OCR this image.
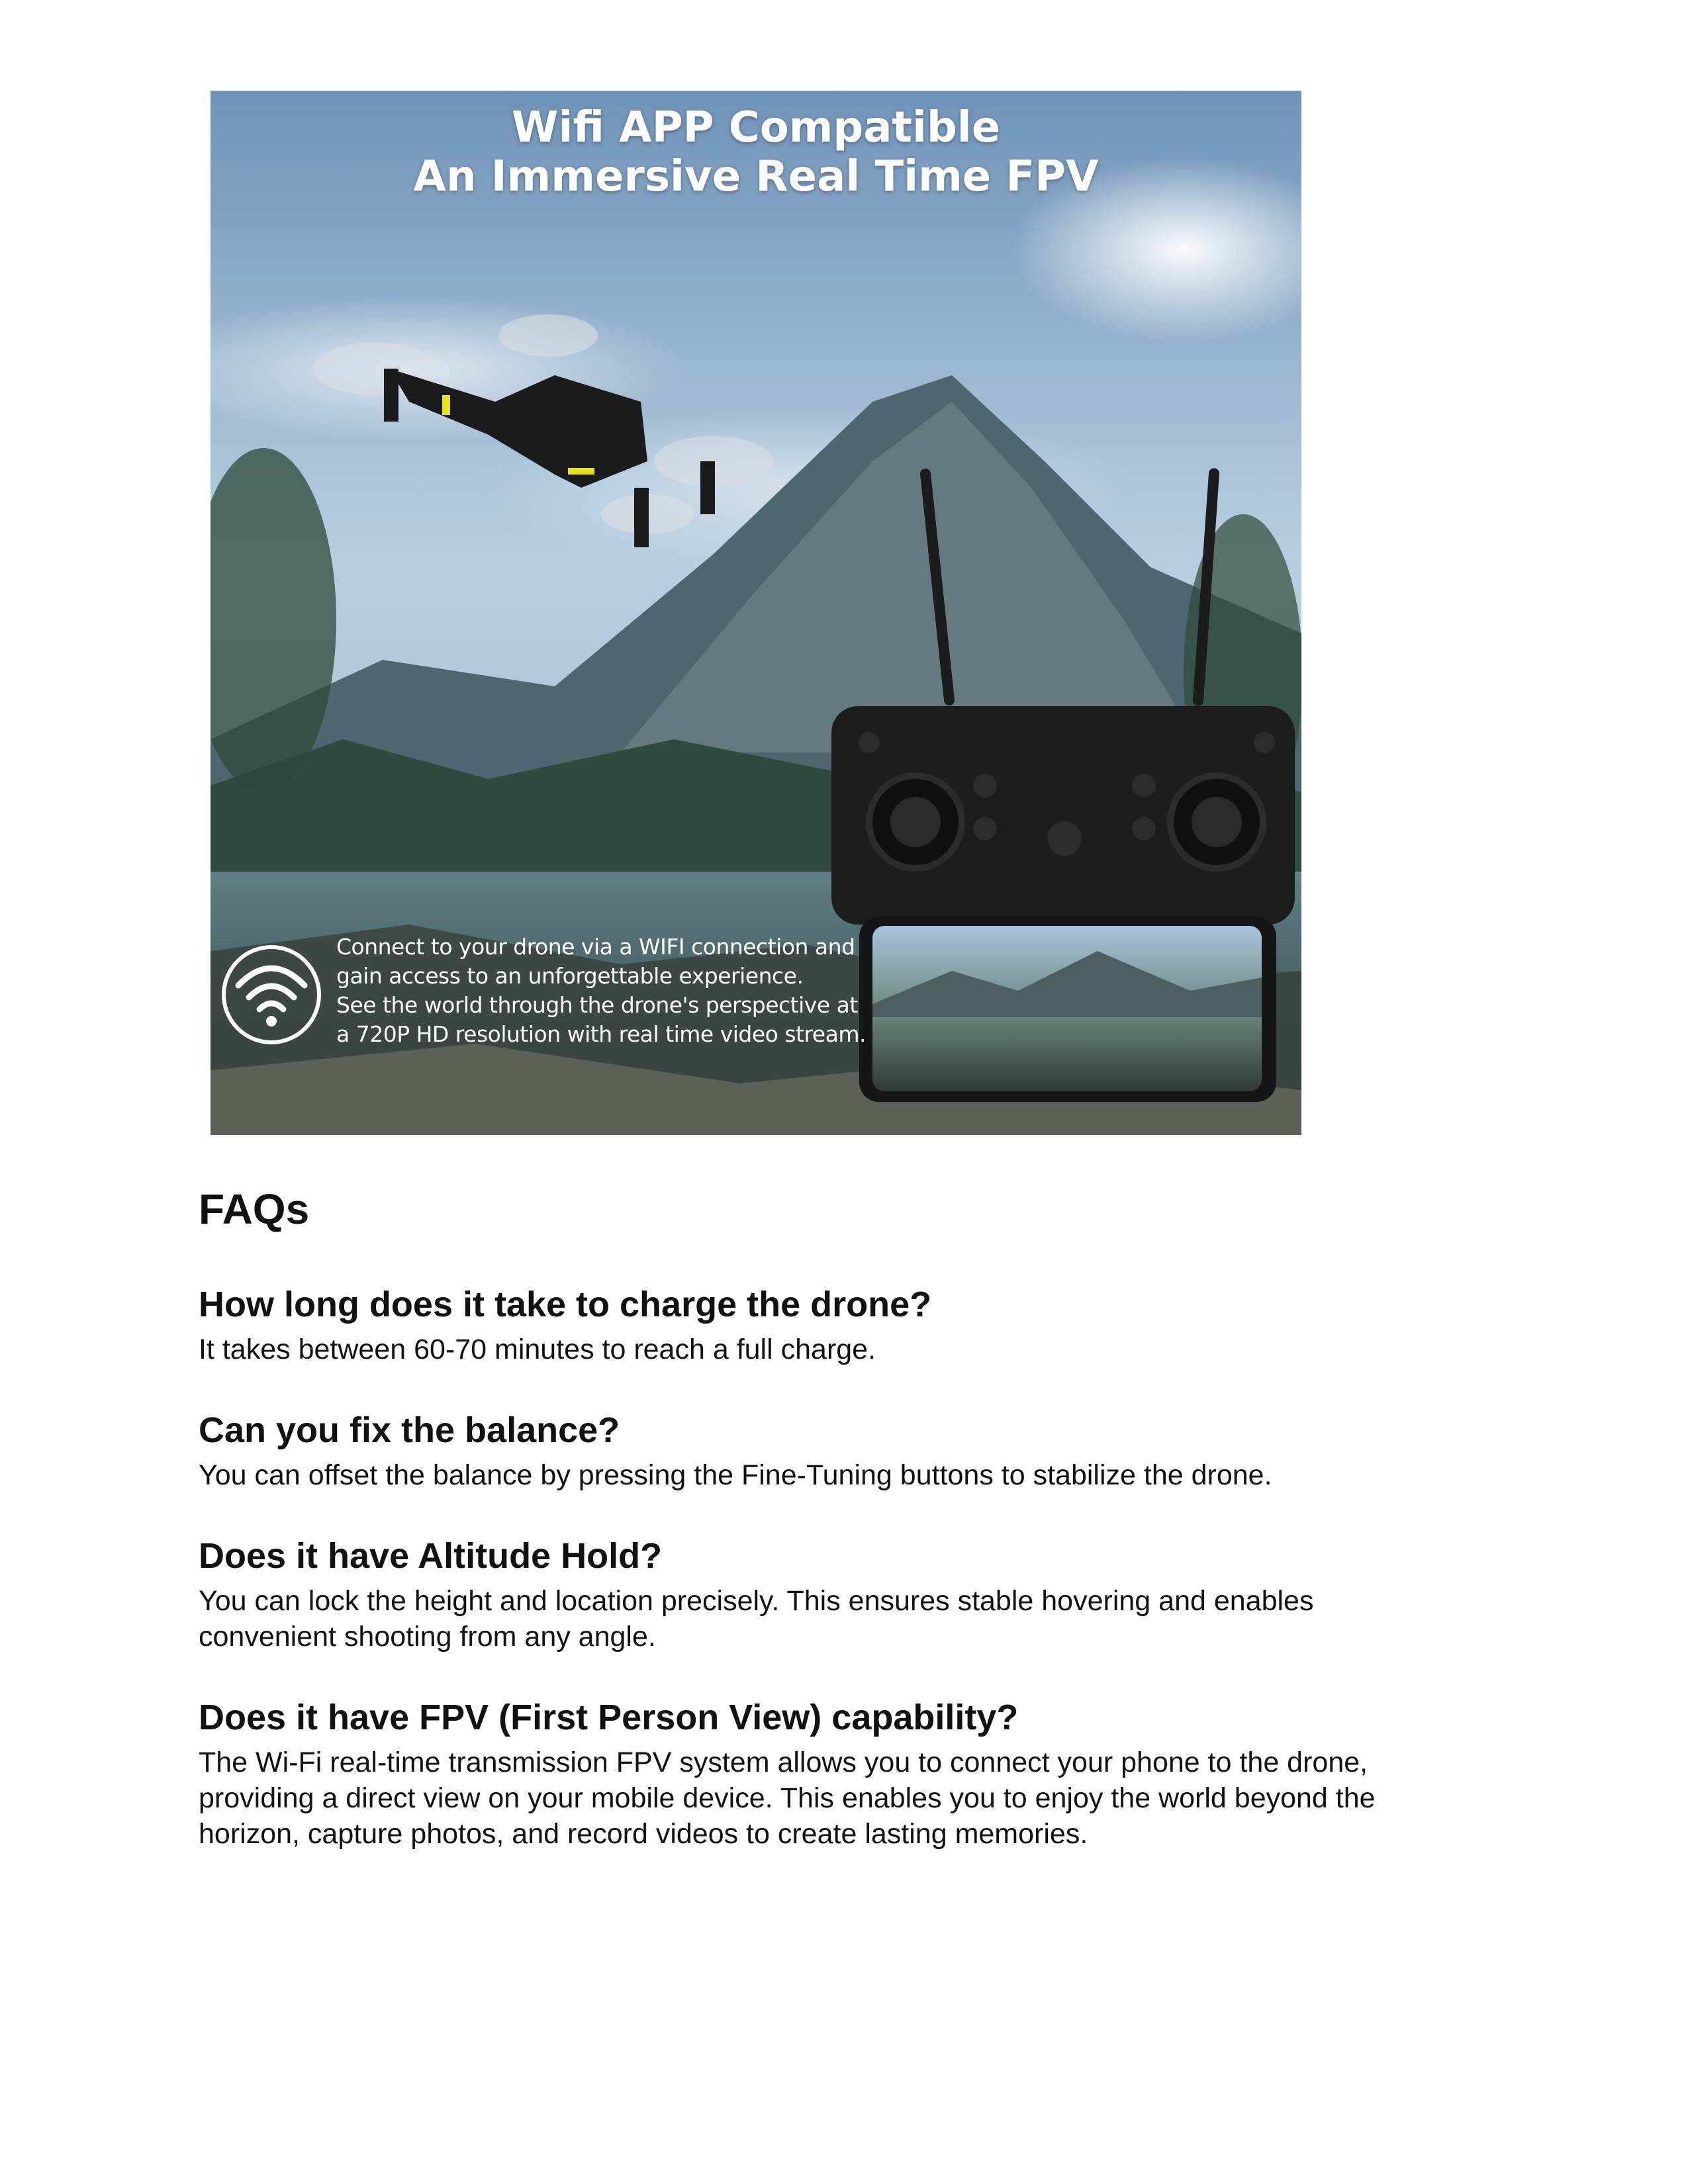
Wifi APP Compatible
An Immersive Real Time FPV
Connect to your drone via a WIFI connection and
gain access to an unforgettable experience.
See the world through the drone's perspective at
a 720P HD resolution with real time video stream.
FAQs
How long does it take to charge the drone?

It takes between 60-70 minutes to reach a full charge.

Can you fix the balance?

You can offset the balance by pressing the Fine-Tuning buttons to stabilize the drone.

Does it have Altitude Hold?

You can lock the height and location precisely. This ensures stable hovering and enables
convenient shooting from any angle.

Does it have FPV (First Person View) capability?

The Wi-Fi real-time transmission FPV system allows you to connect your phone to the drone,
providing a direct view on your mobile device. This enables you to enjoy the world beyond the
horizon, capture photos, and record videos to create lasting memories.
